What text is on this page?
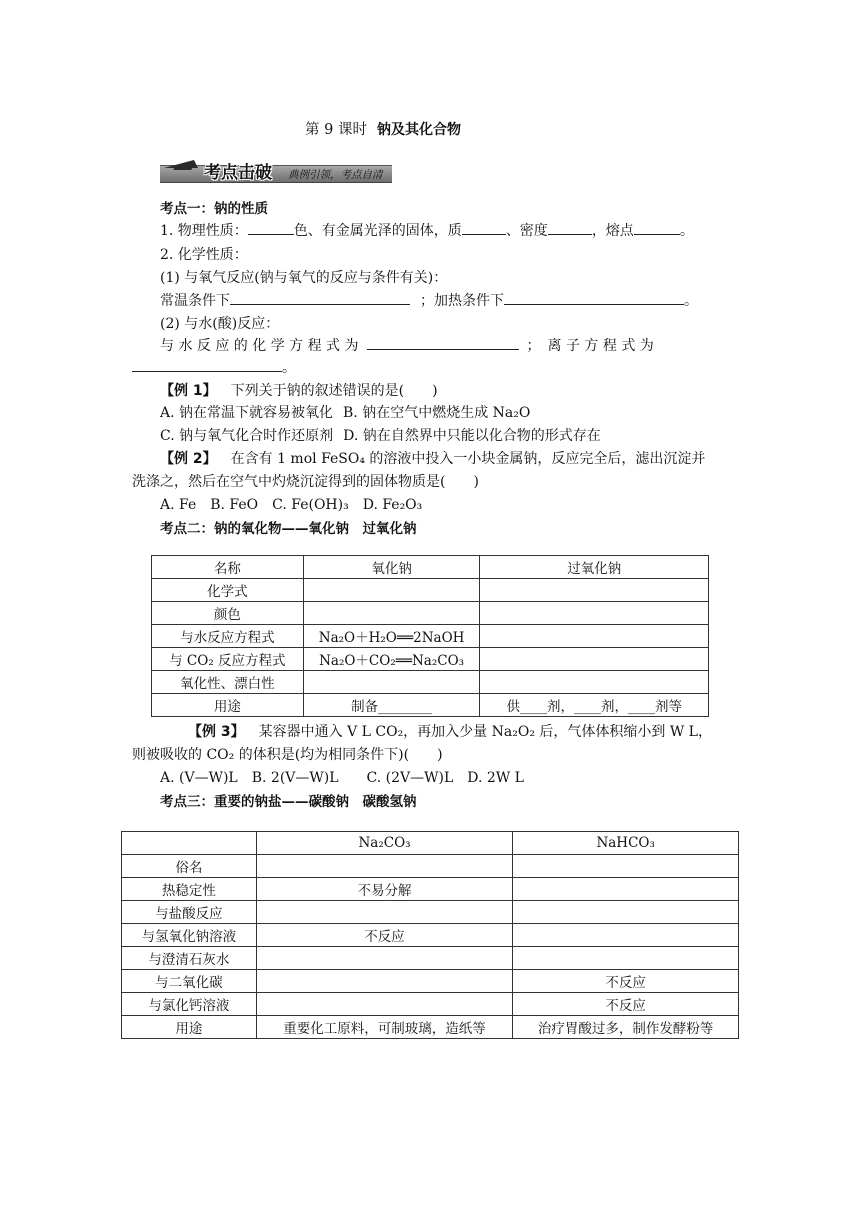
第 9 课时 钠及其化合物
考点击破 典例引领，考点自清
考点一：钠的性质
1. 物理性质：	色、有金属光泽的固体，质	、密度	，熔点	。
2. 化学性质：
(1) 与氧气反应(钠与氧气的反应与条件有关)：
常温条件下	；加热条件下	。
(2) 与水(酸)反应：
与 水 反 应 的 化 学 方 程 式 为	；　离 子 方 程 式 为
。
【例 1】 下列关于钠的叙述错误的是(　　)
A. 钠在常温下就容易被氧化 B. 钠在空气中燃烧生成 Na₂O
C. 钠与氧气化合时作还原剂 D. 钠在自然界中只能以化合物的形式存在
【例 2】 在含有 1 mol FeSO₄ 的溶液中投入一小块金属钠，反应完全后，滤出沉淀并
洗涤之，然后在空气中灼烧沉淀得到的固体物质是(　　)
A. Fe　B. FeO　C. Fe(OH)₃　D. Fe₂O₃
考点二：钠的氧化物——氧化钠　过氧化钠
名称	氧化钠	过氧化钠
化学式		
颜色		
与水反应方程式	Na₂O＋H₂O══2NaOH	
与 CO₂ 反应方程式	Na₂O＋CO₂══Na₂CO₃	
氧化性、漂白性		
用途	制备________	供____剂，____剂，____剂等
【例 3】 某容器中通入 V L CO₂，再加入少量 Na₂O₂ 后，气体体积缩小到 W L，
则被吸收的 CO₂ 的体积是(均为相同条件下)(　　)
A. (V—W)L　B. 2(V—W)L　　C. (2V—W)L　D. 2W L
考点三：重要的钠盐——碳酸钠　碳酸氢钠
	Na₂CO₃	NaHCO₃
俗名		
热稳定性	不易分解	
与盐酸反应		
与氢氧化钠溶液	不反应	
与澄清石灰水		
与二氧化碳		不反应
与氯化钙溶液		不反应
用途	重要化工原料，可制玻璃，造纸等	治疗胃酸过多，制作发酵粉等
